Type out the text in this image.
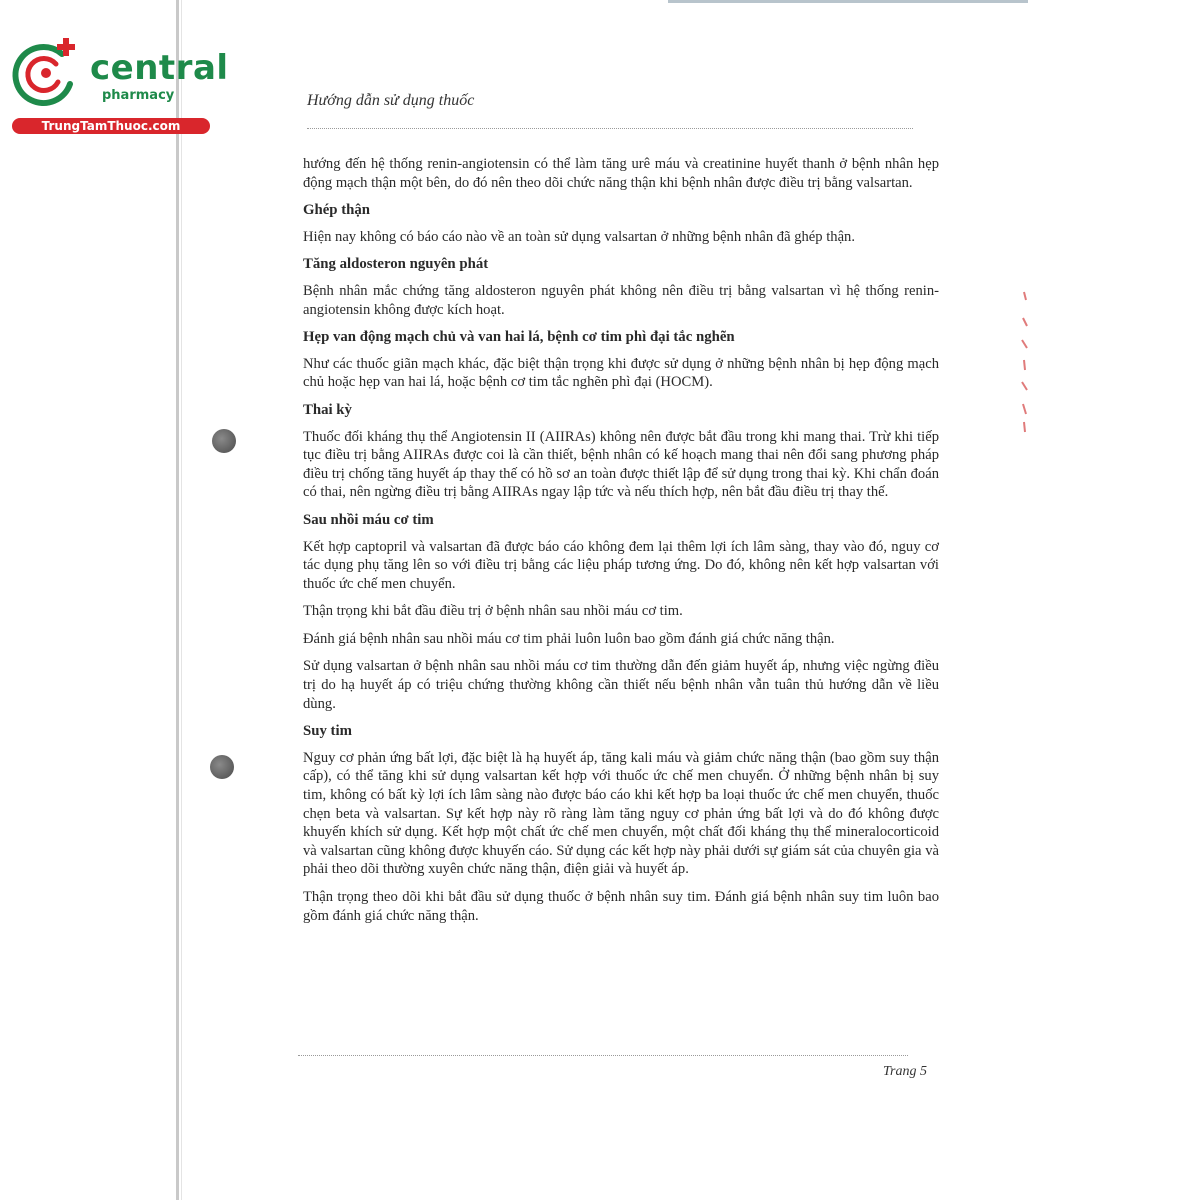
central
pharmacy
TrungTamThuoc.com
Hướng dẫn sử dụng thuốc

hướng đến hệ thống renin-angiotensin có thể làm tăng urê máu và creatinine huyết thanh ở bệnh nhân hẹp động mạch thận một bên, do đó nên theo dõi chức năng thận khi bệnh nhân được điều trị bằng valsartan.

Ghép thận

Hiện nay không có báo cáo nào về an toàn sử dụng valsartan ở những bệnh nhân đã ghép thận.

Tăng aldosteron nguyên phát

Bệnh nhân mắc chứng tăng aldosteron nguyên phát không nên điều trị bằng valsartan vì hệ thống renin-angiotensin không được kích hoạt.

Hẹp van động mạch chủ và van hai lá, bệnh cơ tim phì đại tắc nghẽn

Như các thuốc giãn mạch khác, đặc biệt thận trọng khi được sử dụng ở những bệnh nhân bị hẹp động mạch chủ hoặc hẹp van hai lá, hoặc bệnh cơ tim tắc nghẽn phì đại (HOCM).

Thai kỳ

Thuốc đối kháng thụ thể Angiotensin II (AIIRAs) không nên được bắt đầu trong khi mang thai. Trừ khi tiếp tục điều trị bằng AIIRAs được coi là cần thiết, bệnh nhân có kế hoạch mang thai nên đổi sang phương pháp điều trị chống tăng huyết áp thay thế có hồ sơ an toàn được thiết lập để sử dụng trong thai kỳ. Khi chẩn đoán có thai, nên ngừng điều trị bằng AIIRAs ngay lập tức và nếu thích hợp, nên bắt đầu điều trị thay thế.

Sau nhồi máu cơ tim

Kết hợp captopril và valsartan đã được báo cáo không đem lại thêm lợi ích lâm sàng, thay vào đó, nguy cơ tác dụng phụ tăng lên so với điều trị bằng các liệu pháp tương ứng. Do đó, không nên kết hợp valsartan với thuốc ức chế men chuyển.

Thận trọng khi bắt đầu điều trị ở bệnh nhân sau nhồi máu cơ tim.

Đánh giá bệnh nhân sau nhồi máu cơ tim phải luôn luôn bao gồm đánh giá chức năng thận.

Sử dụng valsartan ở bệnh nhân sau nhồi máu cơ tim thường dẫn đến giảm huyết áp, nhưng việc ngừng điều trị do hạ huyết áp có triệu chứng thường không cần thiết nếu bệnh nhân vẫn tuân thủ hướng dẫn về liều dùng.

Suy tim

Nguy cơ phản ứng bất lợi, đặc biệt là hạ huyết áp, tăng kali máu và giảm chức năng thận (bao gồm suy thận cấp), có thể tăng khi sử dụng valsartan kết hợp với thuốc ức chế men chuyển. Ở những bệnh nhân bị suy tim, không có bất kỳ lợi ích lâm sàng nào được báo cáo khi kết hợp ba loại thuốc ức chế men chuyển, thuốc chẹn beta và valsartan. Sự kết hợp này rõ ràng làm tăng nguy cơ phản ứng bất lợi và do đó không được khuyến khích sử dụng. Kết hợp một chất ức chế men chuyển, một chất đối kháng thụ thể mineralocorticoid và valsartan cũng không được khuyến cáo. Sử dụng các kết hợp này phải dưới sự giám sát của chuyên gia và phải theo dõi thường xuyên chức năng thận, điện giải và huyết áp.

Thận trọng theo dõi khi bắt đầu sử dụng thuốc ở bệnh nhân suy tim. Đánh giá bệnh nhân suy tim luôn bao gồm đánh giá chức năng thận.

Trang 5
